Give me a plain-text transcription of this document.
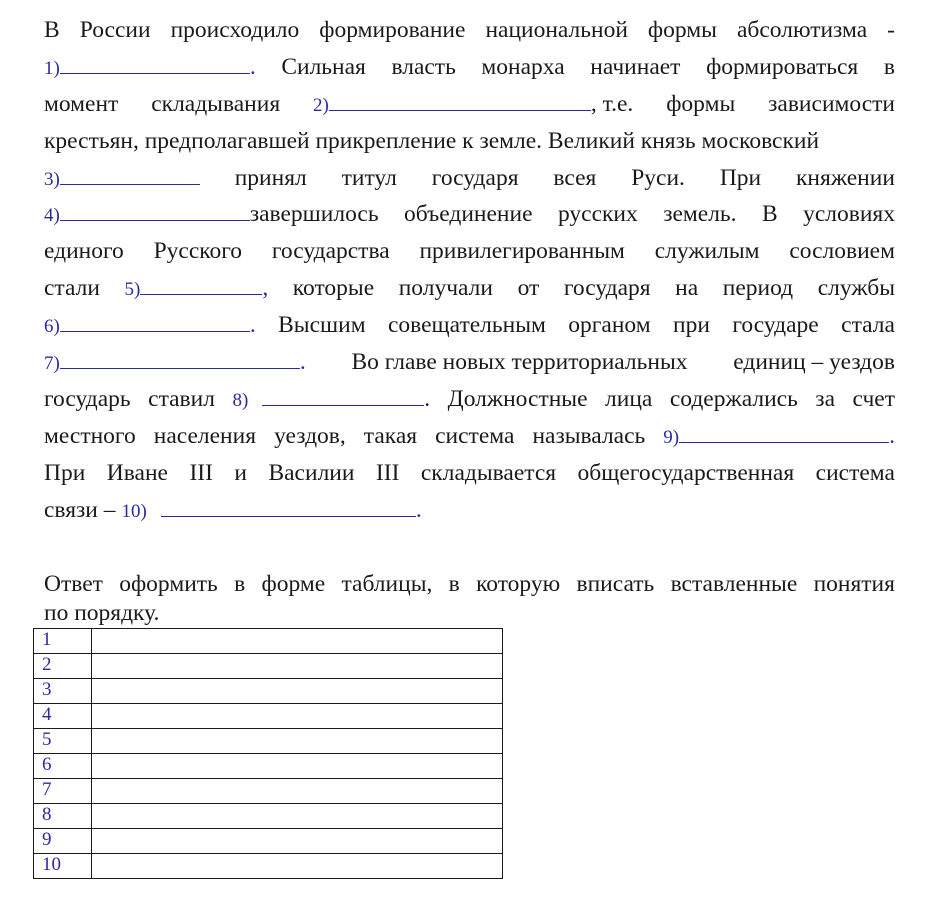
В России происходило формирование национальной формы абсолютизма -
1)	. Сильная власть монарха начинает формироваться в
момент складывания 2)	, т.е. формы зависимости
крестьян, предполагавшей прикрепление к земле. Великий князь московский
3)	принял титул государя всея Руси. При княжении
4)	завершилось объединение русских земель. В условиях
единого Русского государства привилегированным служилым сословием
стали 5)	, которые получали от государя на период службы
6)	. Высшим совещательным органом при государе стала
7)	. Во главе новых территориальных единиц – уездов
государь ставил 8)	. Должностные лица содержались за счет
местного населения уездов, такая система называлась 9)	.
При Иване III и Василии III складывается общегосударственная система
связи – 10)	.
Ответ оформить в форме таблицы, в которую вписать вставленные понятия
по порядку.
1	
2	
3	
4	
5	
6	
7	
8	
9	
10	
